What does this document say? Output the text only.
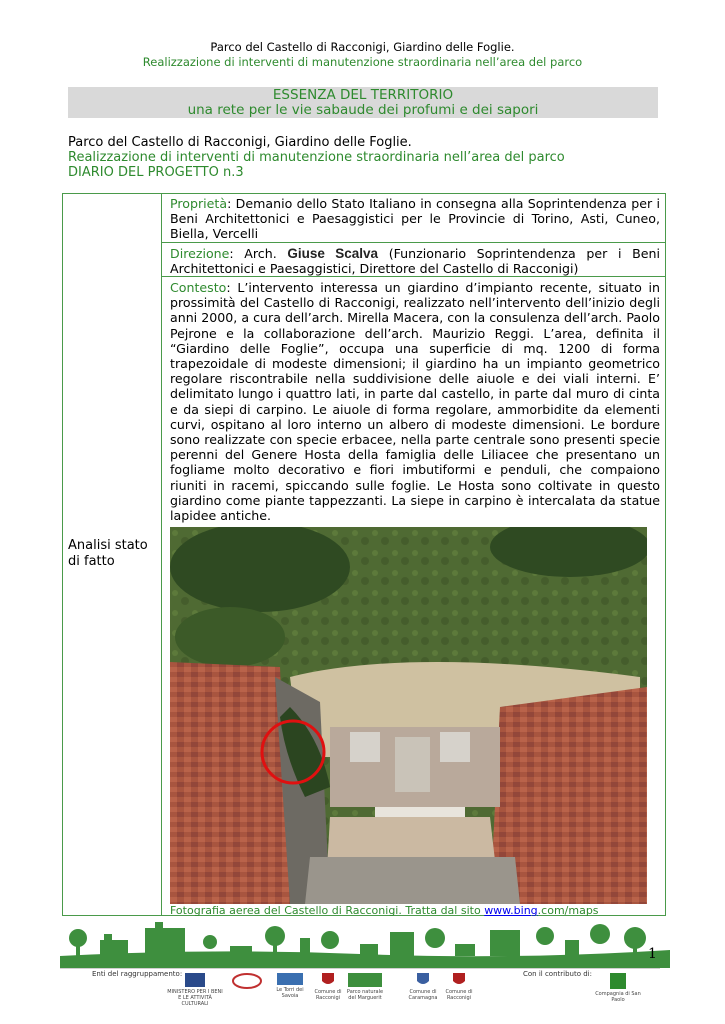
Parco del Castello di Racconigi, Giardino delle Foglie.
Realizzazione di interventi di manutenzione straordinaria nell’area del parco
ESSENZA DEL TERRITORIO
una rete per le vie sabaude dei profumi e dei sapori
Parco del Castello di Racconigi, Giardino delle Foglie.
Realizzazione di interventi di manutenzione straordinaria nell’area del parco
DIARIO DEL PROGETTO n.3
Analisi stato di fatto
Proprietà: Demanio dello Stato Italiano in consegna alla Soprintendenza per i Beni Architettonici e Paesaggistici per le Provincie di Torino, Asti, Cuneo, Biella, Vercelli
Direzione: Arch. Giuse Scalva (Funzionario Soprintendenza per i Beni Architettonici e Paesaggistici, Direttore del Castello di Racconigi)
Contesto: L’intervento interessa un giardino d’impianto recente, situato in prossimità del Castello di Racconigi, realizzato nell’intervento dell’inizio degli anni 2000, a cura dell’arch. Mirella Macera, con la consulenza dell’arch. Paolo Pejrone e la collaborazione dell’arch. Maurizio Reggi. L’area, definita il “Giardino delle Foglie”, occupa una superficie di mq. 1200 di forma trapezoidale di modeste dimensioni; il giardino ha un impianto geometrico regolare riscontrabile nella suddivisione delle aiuole e dei viali interni. E’ delimitato lungo i quattro lati, in parte dal castello, in parte dal muro di cinta e da siepi di carpino. Le aiuole di forma regolare, ammorbidite da elementi curvi, ospitano al loro interno un albero di modeste dimensioni. Le bordure sono realizzate con specie erbacee, nella parte centrale sono presenti specie perenni del Genere Hosta della famiglia delle Liliacee che presentano un fogliame molto decorativo e fiori imbutiformi e penduli, che compaiono riuniti in racemi, spiccando sulle foglie. Le Hosta sono coltivate in questo giardino come piante tappezzanti. La siepe in carpino è intercalata da statue lapidee antiche.
Fotografia aerea del Castello di Racconigi. Tratta dal sito www.bing.com/maps
1
Enti del raggruppamento:	Con il contributo di:
MINISTERO PER I BENI E LE ATTIVITÀ CULTURALI
Le Torri dei Savoia
Comune di Racconigi
Parco naturale del Marguerit
Comune di Caramagna
Comune di Racconigi
Compagnia di San Paolo
